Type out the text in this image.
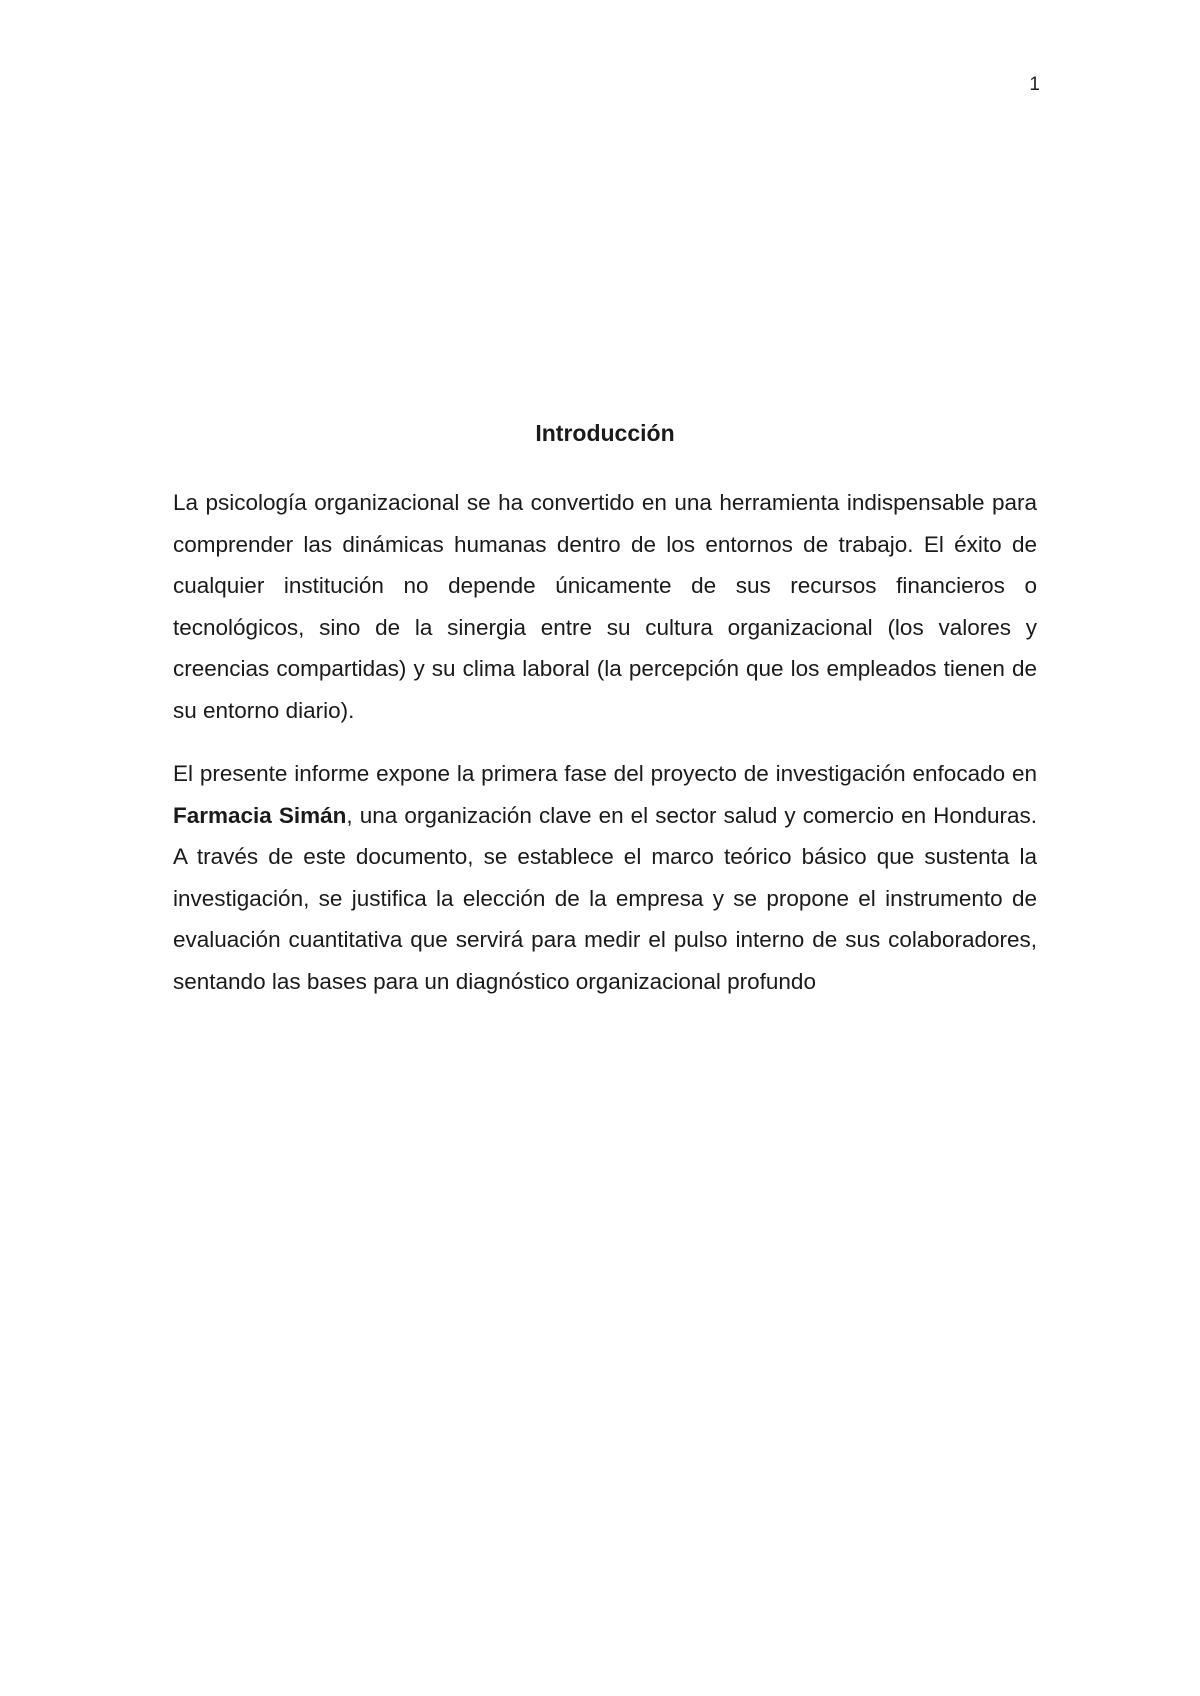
1
Introducción

La psicología organizacional se ha convertido en una herramienta indispensable para comprender las dinámicas humanas dentro de los entornos de trabajo. El éxito de cualquier institución no depende únicamente de sus recursos financieros o tecnológicos, sino de la sinergia entre su cultura organizacional (los valores y creencias compartidas) y su clima laboral (la percepción que los empleados tienen de su entorno diario).

El presente informe expone la primera fase del proyecto de investigación enfocado en Farmacia Simán, una organización clave en el sector salud y comercio en Honduras. A través de este documento, se establece el marco teórico básico que sustenta la investigación, se justifica la elección de la empresa y se propone el instrumento de evaluación cuantitativa que servirá para medir el pulso interno de sus colaboradores, sentando las bases para un diagnóstico organizacional profundo
